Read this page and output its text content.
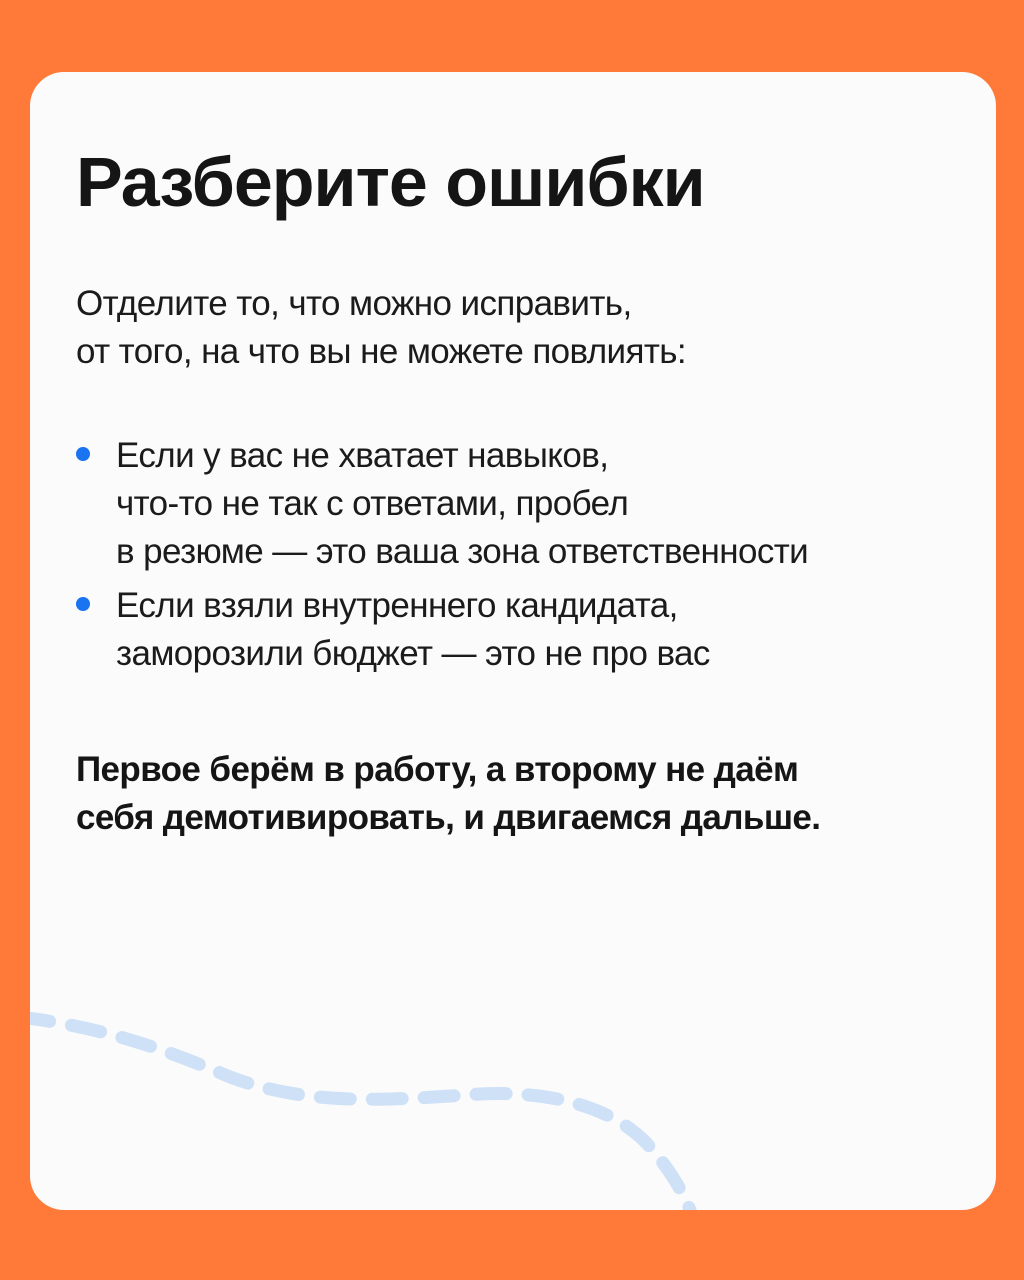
Разберите ошибки

Отделите то, что можно исправить,
от того, на что вы не можете повлиять:

Если у вас не хватает навыков,
что-то не так с ответами, пробел
в резюме — это ваша зона ответственности
Если взяли внутреннего кандидата,
заморозили бюджет — это не про вас

Первое берём в работу, а второму не даём
себя демотивировать, и двигаемся дальше.
